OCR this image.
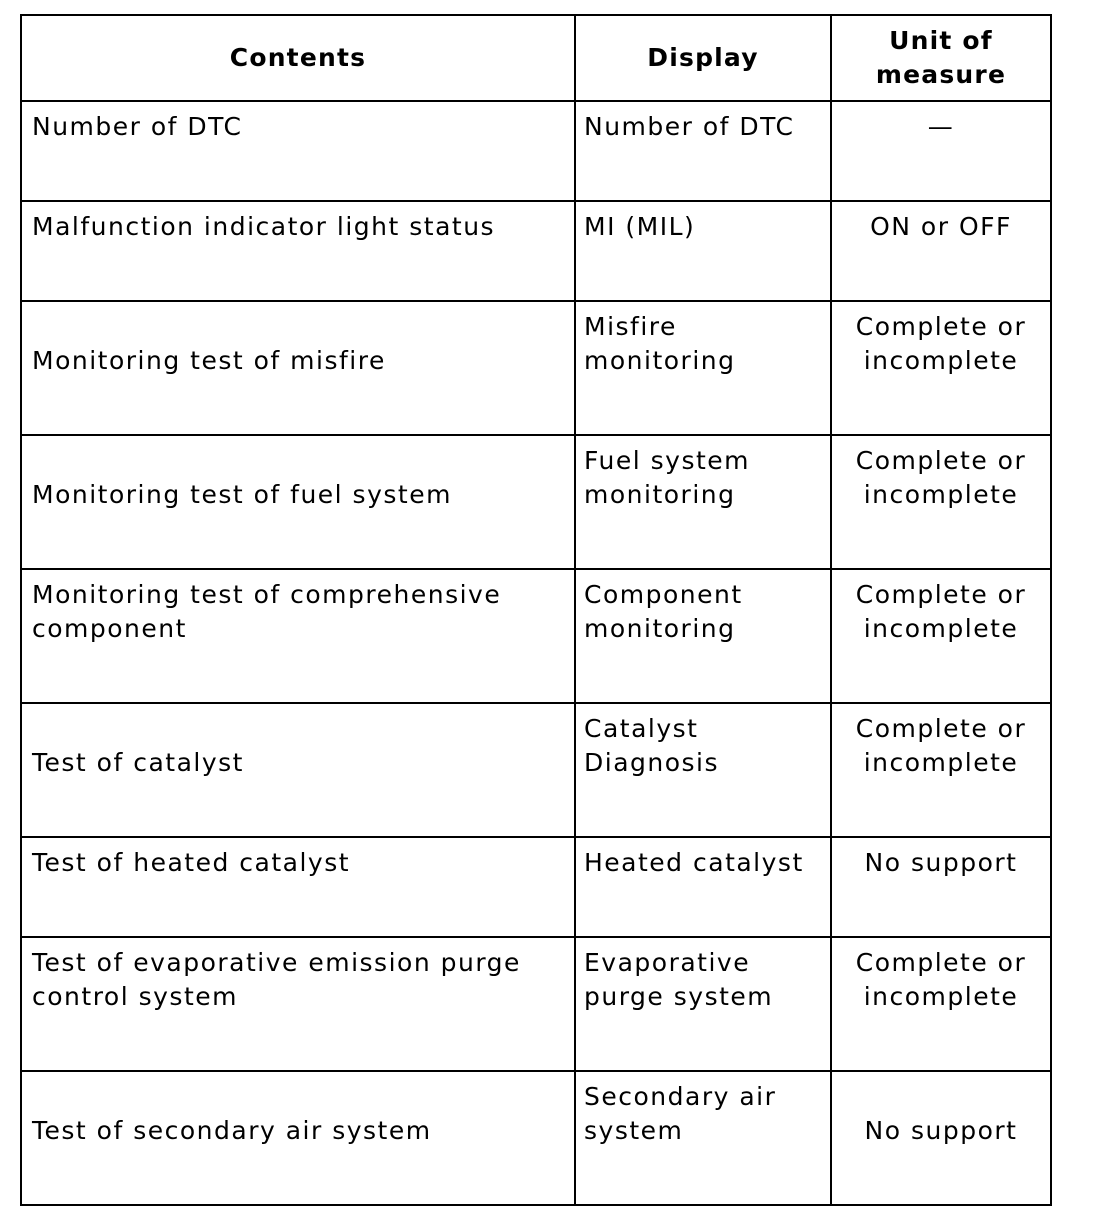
Contents	Display	Unit of measure

Number of DTC	Number of DTC	—
Malfunction indicator light status	MI (MIL)	ON or OFF

Monitoring test of misfire	Misfire monitoring	Complete or incomplete

Monitoring test of fuel system	Fuel system monitoring	Complete or incomplete
Monitoring test of comprehensive component	Component monitoring	Complete or incomplete

Test of catalyst	Catalyst Diagnosis	Complete or incomplete
Test of heated catalyst	Heated catalyst	No support
Test of evaporative emission purge control system	Evaporative purge system	Complete or incomplete

Test of secondary air system	Secondary air system	No support
